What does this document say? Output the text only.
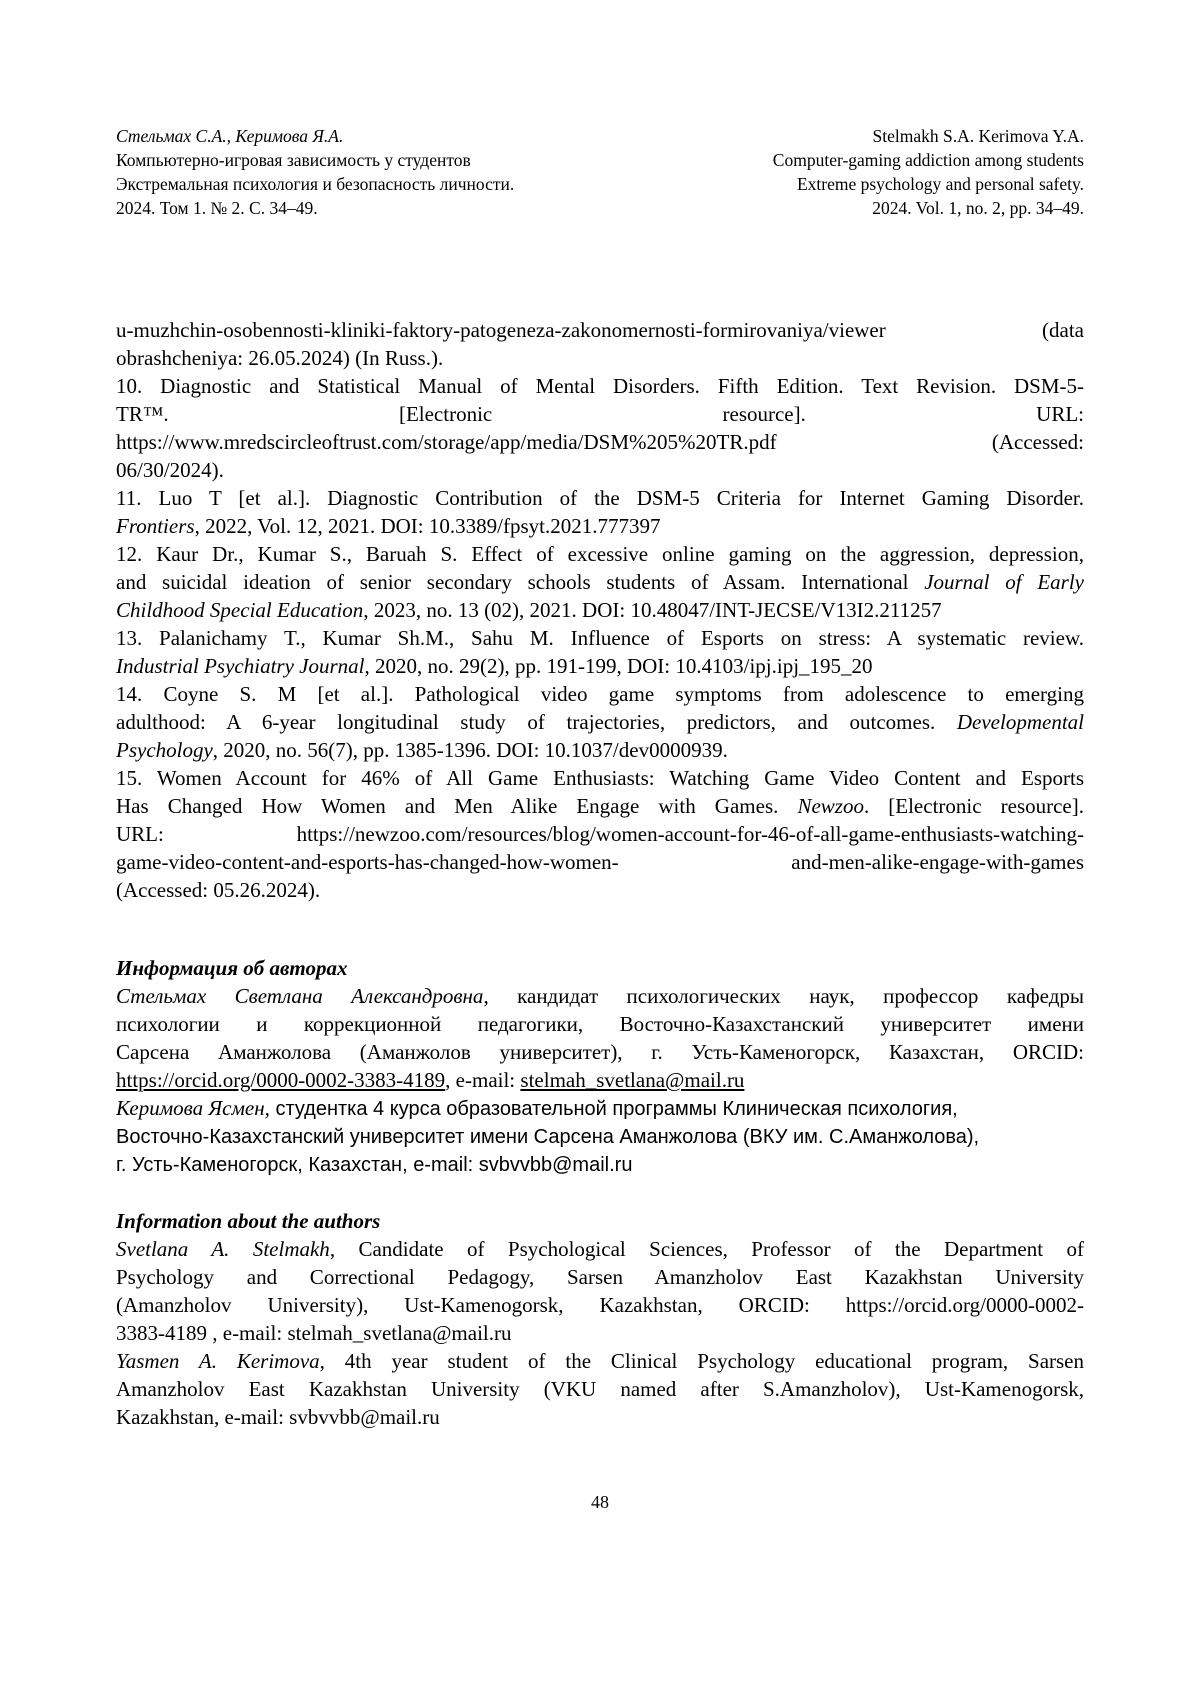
Стельмах С.А., Керимова Я.А.
Компьютерно-игровая зависимость у студентов
Экстремальная психология и безопасность личности.
2024. Том 1. № 2. С. 34–49.
Stelmakh S.A. Kerimova Y.A.
Computer-gaming addiction among students
Extreme psychology and personal safety.
2024. Vol. 1, no. 2, pp. 34–49.
u-muzhchin-osobennosti-kliniki-faktory-patogeneza-zakonomernosti-formirovaniya/viewer (data
obrashcheniya: 26.05.2024) (In Russ.).
10. Diagnostic and Statistical Manual of Mental Disorders. Fifth Edition. Text Revision. DSM-5-
TR™. [Electronic resource]. URL:
https://www.mredscircleoftrust.com/storage/app/media/DSM%205%20TR.pdf (Accessed:
06/30/2024).
11. Luo T [et al.]. Diagnostic Contribution of the DSM-5 Criteria for Internet Gaming Disorder.
Frontiers, 2022, Vol. 12, 2021. DOI: 10.3389/fpsyt.2021.777397
12. Kaur Dr., Kumar S., Baruah S. Effect of excessive online gaming on the aggression, depression,
and suicidal ideation of senior secondary schools students of Assam. International Journal of Early
Childhood Special Education, 2023, no. 13 (02), 2021. DOI: 10.48047/INT-JECSE/V13I2.211257
13. Palanichamy T., Kumar Sh.M., Sahu M. Influence of Esports on stress: A systematic review.
Industrial Psychiatry Journal, 2020, no. 29(2), pp. 191-199, DOI: 10.4103/ipj.ipj_195_20
14. Coyne S. M [et al.]. Pathological video game symptoms from adolescence to emerging
adulthood: A 6-year longitudinal study of trajectories, predictors, and outcomes. Developmental
Psychology, 2020, no. 56(7), pp. 1385-1396. DOI: 10.1037/dev0000939.
15. Women Account for 46% of All Game Enthusiasts: Watching Game Video Content and Esports
Has Changed How Women and Men Alike Engage with Games. Newzoo. [Electronic resource].
URL: https://newzoo.com/resources/blog/women-account-for-46-of-all-game-enthusiasts-watching-
game-video-content-and-esports-has-changed-how-women- and-men-alike-engage-with-games
(Accessed: 05.26.2024).
Информация об авторах
Стельмах Светлана Александровна, кандидат психологических наук, профессор кафедры
психологии и коррекционной педагогики, Восточно-Казахстанский университет имени
Сарсена Аманжолова (Аманжолов университет), г. Усть-Каменогорск, Казахстан, ORCID:
https://orcid.org/0000-0002-3383-4189, e-mail: stelmah_svetlana@mail.ru
Керимова Ясмен, студентка 4 курса образовательной программы Клиническая психология,
Восточно-Казахстанский университет имени Сарсена Аманжолова (ВКУ им. С.Аманжолова),
г. Усть-Каменогорск, Казахстан, e-mail: svbvvbb@mail.ru
Information about the authors
Svetlana A. Stelmakh, Candidate of Psychological Sciences, Professor of the Department of
Psychology and Correctional Pedagogy, Sarsen Amanzholov East Kazakhstan University
(Amanzholov University), Ust-Kamenogorsk, Kazakhstan, ORCID: https://orcid.org/0000-0002-
3383-4189 , e-mail: stelmah_svetlana@mail.ru
Yasmen A. Kerimova, 4th year student of the Clinical Psychology educational program, Sarsen
Amanzholov East Kazakhstan University (VKU named after S.Amanzholov), Ust-Kamenogorsk,
Kazakhstan, e-mail: svbvvbb@mail.ru
48
